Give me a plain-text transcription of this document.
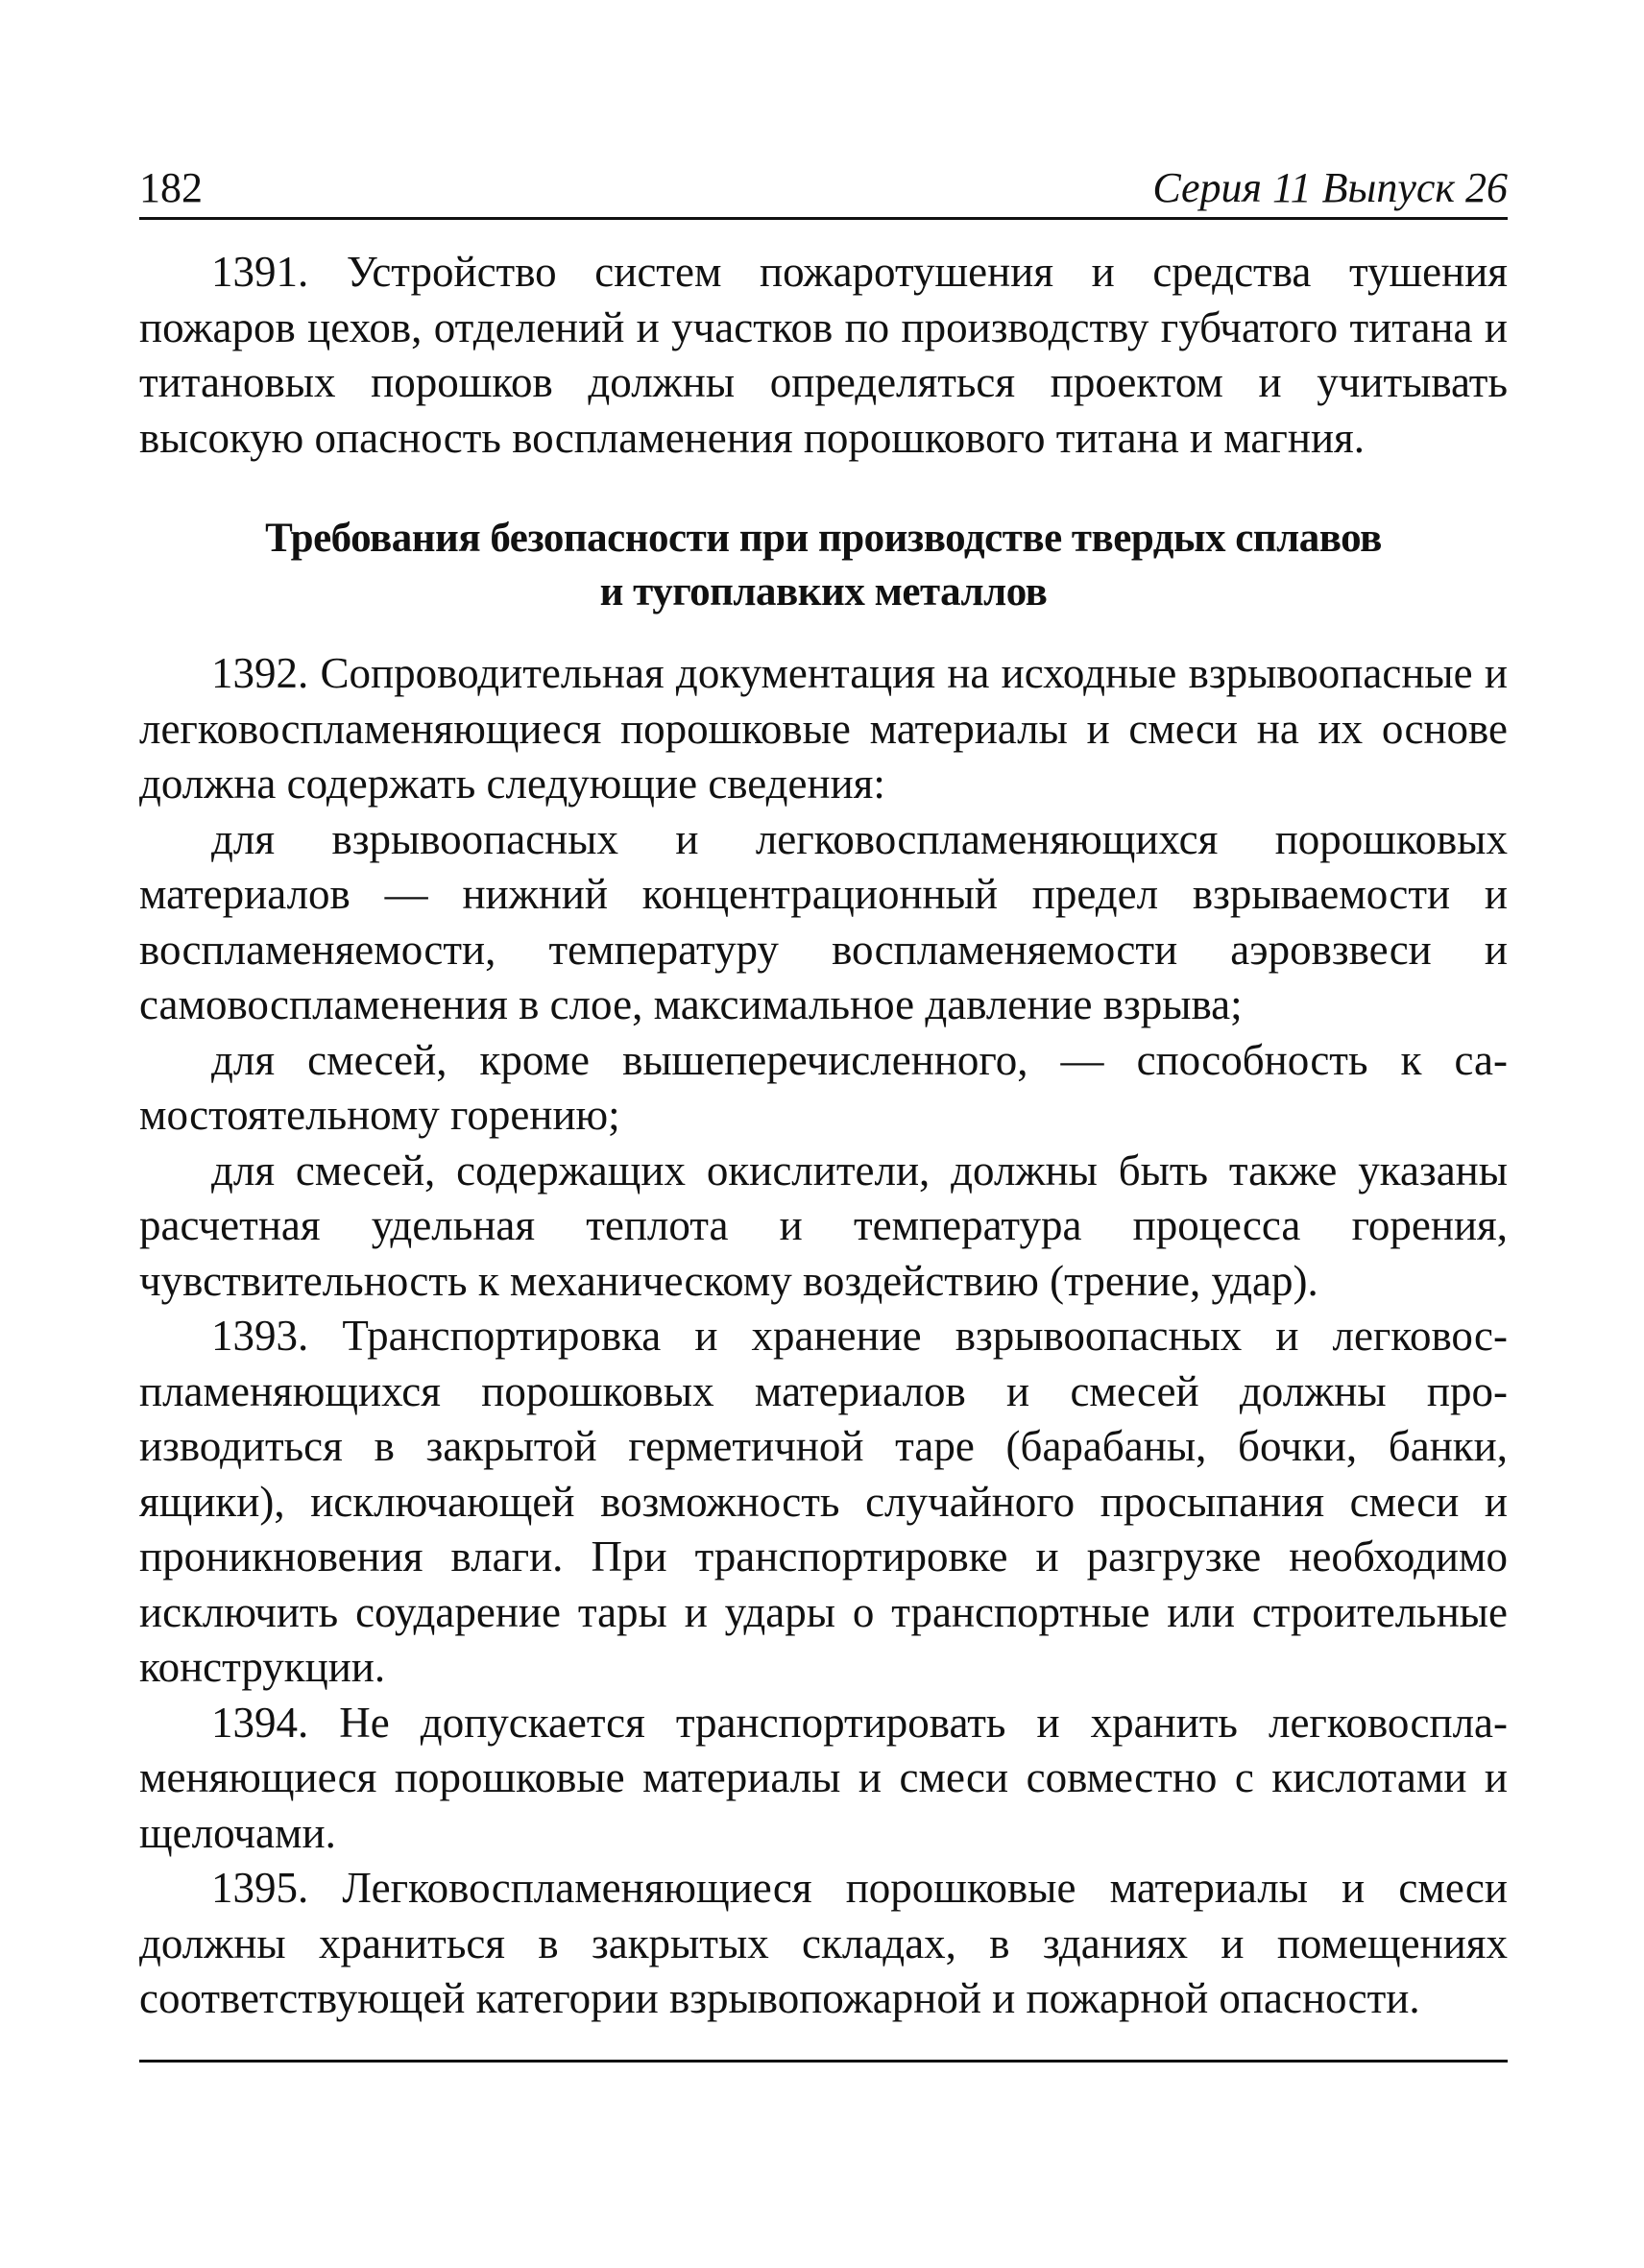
182	Серия 11 Выпуск 26

1391. Устройство систем пожаротушения и средства тушения пожаров цехов, отделений и участков по производству губчатого титана и титановых порошков должны определяться проектом и учитывать высокую опасность воспламенения порошкового титана и магния.

Требования безопасности при производстве твердых сплавов
и тугоплавких металлов

1392. Сопроводительная документация на исходные взрывоопасные и легковоспламеняющиеся порошковые материалы и смеси на их основе должна содержать следующие сведения:

для взрывоопасных и легковоспламеняющихся порошковых материалов — нижний концентрационный предел взрываемости и воспламеняемости, температуру воспламеняемости аэровзвеси и самовоспламенения в слое, максимальное давление взрыва;

для смесей, кроме вышеперечисленного, — способность к самостоятельному горению;

для смесей, содержащих окислители, должны быть также указаны расчетная удельная теплота и температура процесса горения, чувствительность к механическому воздействию (трение, удар).

1393. Транспортировка и хранение взрывоопасных и легковоспламеняющихся порошковых материалов и смесей должны производиться в закрытой герметичной таре (барабаны, бочки, банки, ящики), исключающей возможность случайного просыпания смеси и проникновения влаги. При транспортировке и разгрузке необходимо исключить соударение тары и удары о транспортные или строительные конструкции.

1394. Не допускается транспортировать и хранить легковоспламеняющиеся порошковые материалы и смеси совместно с кислотами и щелочами.

1395. Легковоспламеняющиеся порошковые материалы и смеси должны храниться в закрытых складах, в зданиях и помещениях соответствующей категории взрывопожарной и пожарной опасности.
